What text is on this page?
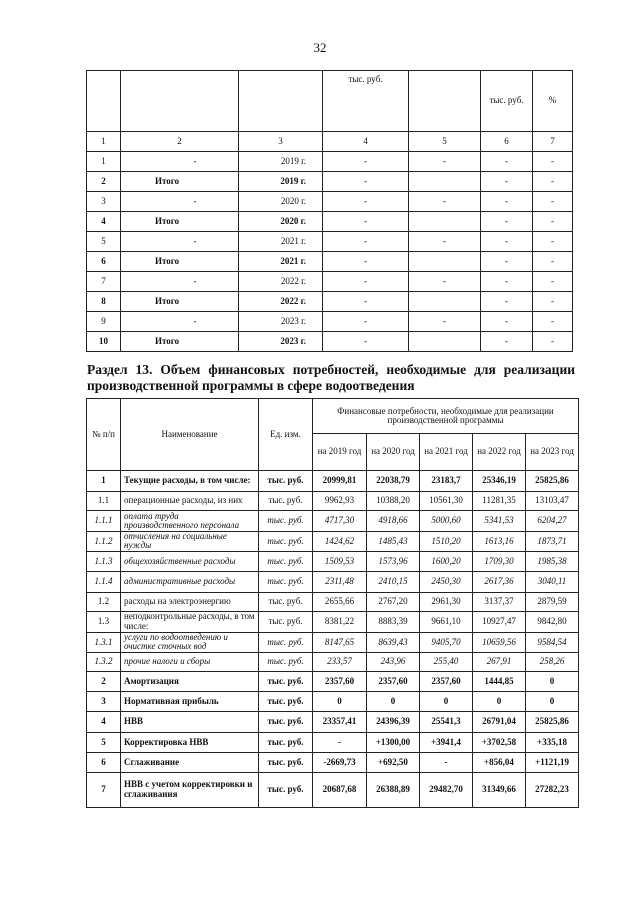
32
			тыс. руб.		тыс. руб.	%
1	2	3	4	5	6	7
1	-	2019 г.	-	-	-	-
2	Итого	2019 г.	-		-	-
3	-	2020 г.	-	-	-	-
4	Итого	2020 г.	-		-	-
5	-	2021 г.	-	-	-	-
6	Итого	2021 г.	-		-	-
7	-	2022 г.	-	-	-	-
8	Итого	2022 г.	-		-	-
9	-	2023 г.	-	-	-	-
10	Итого	2023 г.	-		-	-
Раздел 13. Объем финансовых потребностей, необходимые для реализации производственной программы в сфере водоотведения
№ п/п	Наименование	Ед. изм.	Финансовые потребности, необходимые для реализации производственной программы				
			на 2019 год	на 2020 год	на 2021 год	на 2022 год	на 2023 год
1	Текущие расходы, в том числе:	тыс. руб.	20999,81	22038,79	23183,7	25346,19	25825,86
1.1	операционные расходы, из них	тыс. руб.	9962,93	10388,20	10561,30	11281,35	13103,47
1.1.1	оплата труда производственного персонала	тыс. руб.	4717,30	4918,66	5000,60	5341,53	6204,27
1.1.2	отчисления на социальные нужды	тыс. руб.	1424,62	1485,43	1510,20	1613,16	1873,71
1.1.3	общехозяйственные расходы	тыс. руб.	1509,53	1573,96	1600,20	1709,30	1985,38
1.1.4	административные расходы	тыс. руб.	2311,48	2410,15	2450,30	2617,36	3040,11
1.2	расходы на электроэнергию	тыс. руб.	2655,66	2767,20	2961,30	3137,37	2879,59
1.3	неподконтрольные расходы, в том числе:	тыс. руб.	8381,22	8883,39	9661,10	10927,47	9842,80
1.3.1	услуги по водоотведению и очистке сточных вод	тыс. руб.	8147,65	8639,43	9405,70	10659,56	9584,54
1.3.2	прочие налоги и сборы	тыс. руб.	233,57	243,96	255,40	267,91	258,26
2	Амортизация	тыс. руб.	2357,60	2357,60	2357,60	1444,85	0
3	Нормативная прибыль	тыс. руб.	0	0	0	0	0
4	НВВ	тыс. руб.	23357,41	24396,39	25541,3	26791,04	25825,86
5	Корректировка НВВ	тыс. руб.	-	+1300,00	+3941,4	+3702,58	+335,18
6	Сглаживание	тыс. руб.	-2669,73	+692,50	-	+856,04	+1121,19
7	НВВ с учетом корректировки и сглаживания	тыс. руб.	20687,68	26388,89	29482,70	31349,66	27282,23
